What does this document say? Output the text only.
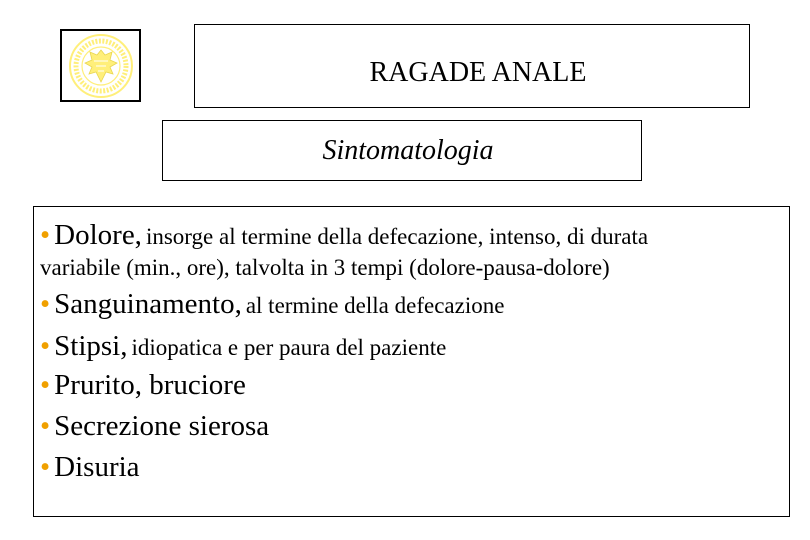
RAGADE ANALE
Sintomatologia
• Dolore, insorge al termine della defecazione, intenso, di durata
variabile (min., ore), talvolta in 3 tempi (dolore-pausa-dolore)
• Sanguinamento, al termine della defecazione
• Stipsi, idiopatica e per paura del paziente
• Prurito, bruciore
• Secrezione sierosa
• Disuria
